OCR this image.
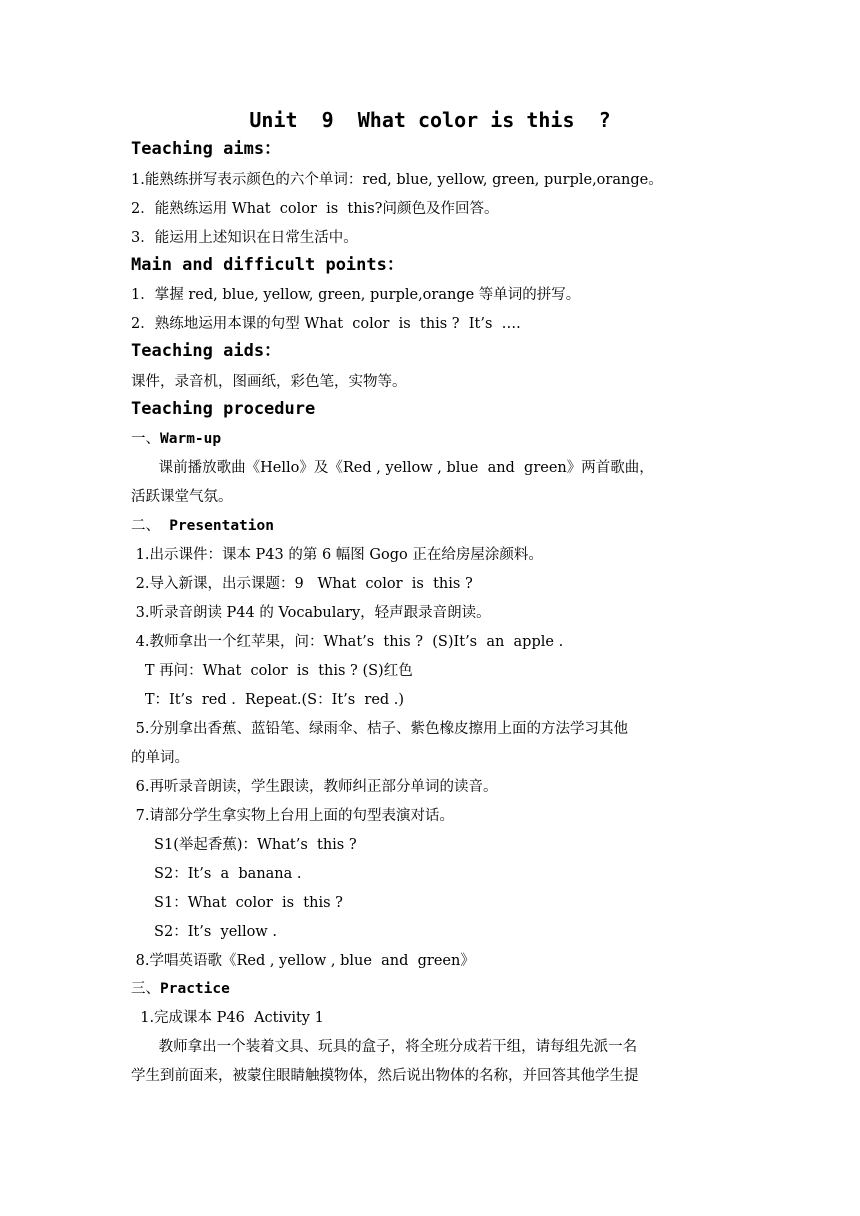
Unit  9  What color is this  ?
Teaching aims：
1.能熟练拼写表示颜色的六个单词：red, blue, yellow, green, purple,orange。
2．能熟练运用 What  color  is  this?问颜色及作回答。
3．能运用上述知识在日常生活中。
Main and difficult points：
1．掌握 red, blue, yellow, green, purple,orange 等单词的拼写。
2．熟练地运用本课的句型 What  color  is  this ?  It’s  ….
Teaching aids：
课件，录音机，图画纸，彩色笔，实物等。
Teaching procedure
一、Warm-up
课前播放歌曲《Hello》及《Red , yellow , blue  and  green》两首歌曲，
活跃课堂气氛。
二、  Presentation
1.出示课件：课本 P43 的第 6 幅图 Gogo 正在给房屋涂颜料。
2.导入新课，出示课题：9   What  color  is  this ?
3.听录音朗读 P44 的 Vocabulary，轻声跟录音朗读。
4.教师拿出一个红苹果，问：What’s  this ?  (S)It’s  an  apple .
T 再问：What  color  is  this ? (S)红色
T：It’s  red .  Repeat.(S：It’s  red .)
5.分别拿出香蕉、蓝铅笔、绿雨伞、桔子、紫色橡皮擦用上面的方法学习其他
的单词。
6.再听录音朗读，学生跟读，教师纠正部分单词的读音。
7.请部分学生拿实物上台用上面的句型表演对话。
S1(举起香蕉)：What’s  this ?
S2：It’s  a  banana .
S1：What  color  is  this ?
S2：It’s  yellow .
8.学唱英语歌《Red , yellow , blue  and  green》
三、Practice
1.完成课本 P46  Activity 1
教师拿出一个装着文具、玩具的盒子，将全班分成若干组，请每组先派一名
学生到前面来，被蒙住眼睛触摸物体，然后说出物体的名称，并回答其他学生提
